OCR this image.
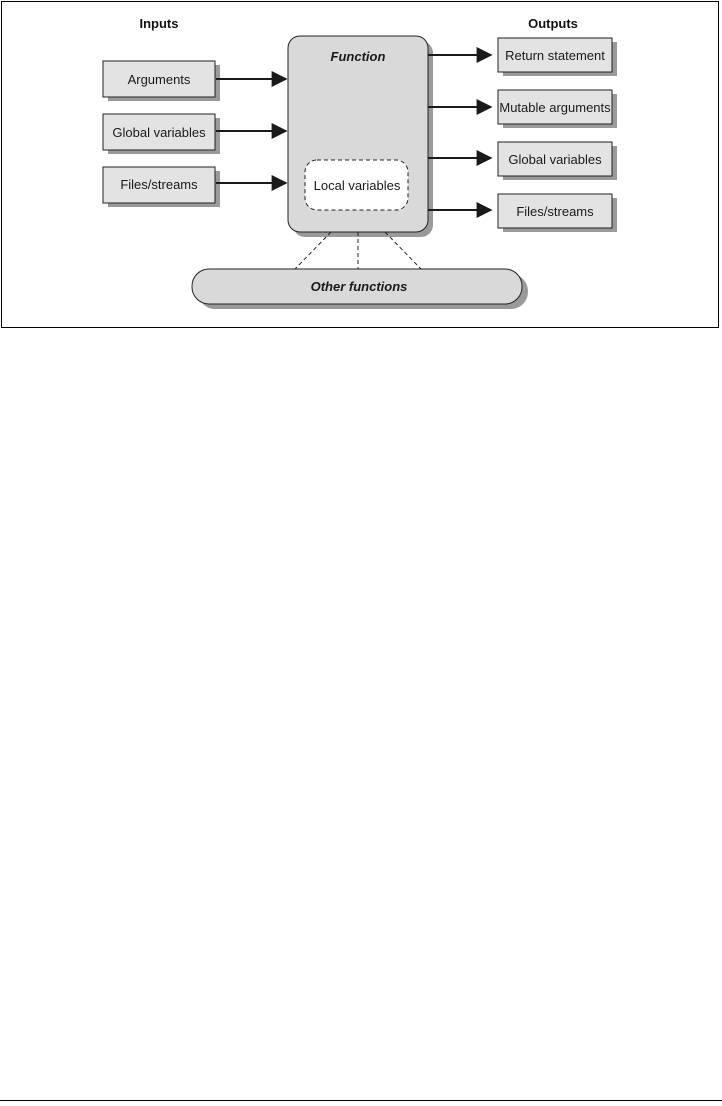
Inputs	Outputs
Arguments
Global variables
Files/streams
Function
Local variables
Return statement
Mutable arguments
Global variables
Files/streams
Other functions
